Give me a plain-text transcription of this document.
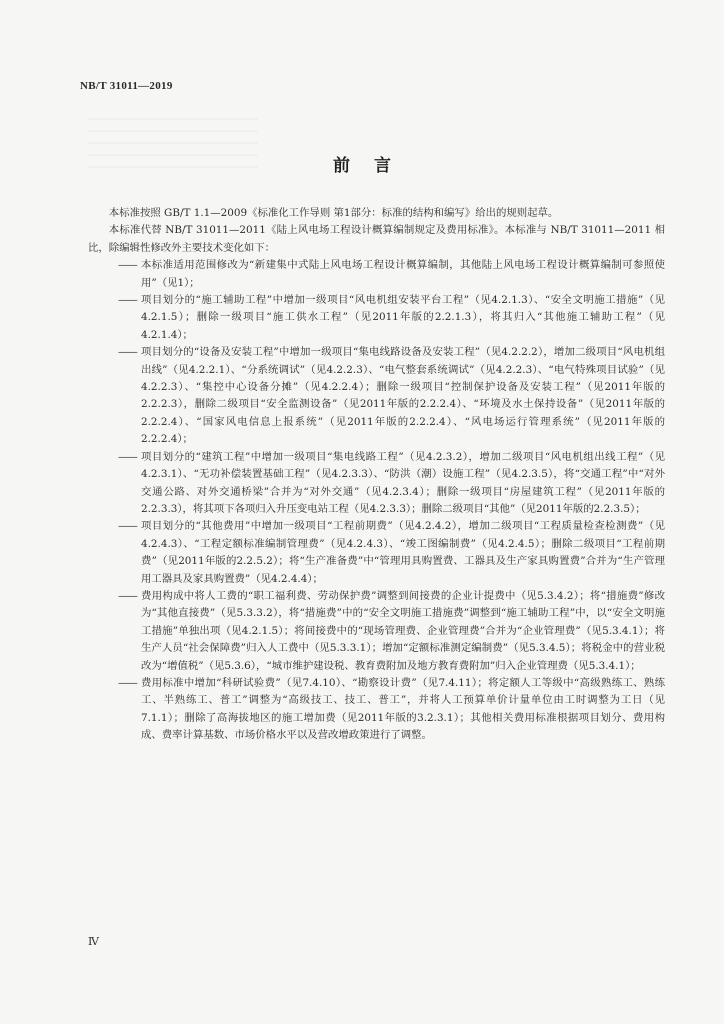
NB/T 31011—2019
前言

本标准按照 GB/T 1.1—2009《标准化工作导则 第1部分：标准的结构和编写》给出的规则起草。

本标准代替 NB/T 31011—2011《陆上风电场工程设计概算编制规定及费用标准》。本标准与 NB/T 31011—2011 相比，除编辑性修改外主要技术变化如下：

—— 本标准适用范围修改为“新建集中式陆上风电场工程设计概算编制，其他陆上风电场工程设计概算编制可参照使用”（见1）；

—— 项目划分的“施工辅助工程”中增加一级项目“风电机组安装平台工程”（见4.2.1.3）、“安全文明施工措施”（见4.2.1.5）；删除一级项目“施工供水工程”（见2011年版的2.2.1.3），将其归入“其他施工辅助工程”（见4.2.1.4）；

—— 项目划分的“设备及安装工程”中增加一级项目“集电线路设备及安装工程”（见4.2.2.2），增加二级项目“风电机组出线”（见4.2.2.1）、“分系统调试”（见4.2.2.3）、“电气整套系统调试”（见4.2.2.3）、“电气特殊项目试验”（见4.2.2.3）、“集控中心设备分摊”（见4.2.2.4）；删除一级项目“控制保护设备及安装工程”（见2011年版的2.2.2.3），删除二级项目“安全监测设备”（见2011年版的2.2.2.4）、“环境及水土保持设备”（见2011年版的2.2.2.4）、“国家风电信息上报系统”（见2011年版的2.2.2.4）、“风电场运行管理系统”（见2011年版的2.2.2.4）；

—— 项目划分的“建筑工程”中增加一级项目“集电线路工程”（见4.2.3.2），增加二级项目“风电机组出线工程”（见4.2.3.1）、“无功补偿装置基础工程”（见4.2.3.3）、“防洪（潮）设施工程”（见4.2.3.5），将“交通工程”中“对外交通公路、对外交通桥梁”合并为“对外交通”（见4.2.3.4）；删除一级项目“房屋建筑工程”（见2011年版的2.2.3.3），将其项下各项归入升压变电站工程（见4.2.3.3）；删除二级项目“其他”（见2011年版的2.2.3.5）；

—— 项目划分的“其他费用”中增加一级项目“工程前期费”（见4.2.4.2），增加二级项目“工程质量检查检测费”（见4.2.4.3）、“工程定额标准编制管理费”（见4.2.4.3）、“竣工图编制费”（见4.2.4.5）；删除二级项目“工程前期费”（见2011年版的2.2.5.2）；将“生产准备费”中“管理用具购置费、工器具及生产家具购置费”合并为“生产管理用工器具及家具购置费”（见4.2.4.4）；

—— 费用构成中将人工费的“职工福利费、劳动保护费”调整到间接费的企业计提费中（见5.3.4.2）；将“措施费”修改为“其他直接费”（见5.3.3.2），将“措施费”中的“安全文明施工措施费”调整到“施工辅助工程”中，以“安全文明施工措施”单独出项（见4.2.1.5）；将间接费中的“现场管理费、企业管理费”合并为“企业管理费”（见5.3.4.1）；将生产人员“社会保障费”归入人工费中（见5.3.3.1）；增加“定额标准测定编制费”（见5.3.4.5）；将税金中的营业税改为“增值税”（见5.3.6），“城市维护建设税、教育费附加及地方教育费附加”归入企业管理费（见5.3.4.1）；

—— 费用标准中增加“科研试验费”（见7.4.10）、“勘察设计费”（见7.4.11）；将定额人工等级中“高级熟练工、熟练工、半熟练工、普工”调整为“高级技工、技工、普工”，并将人工预算单价计量单位由工时调整为工日（见7.1.1）；删除了高海拔地区的施工增加费（见2011年版的3.2.3.1）；其他相关费用标准根据项目划分、费用构成、费率计算基数、市场价格水平以及营改增政策进行了调整。

Ⅳ
